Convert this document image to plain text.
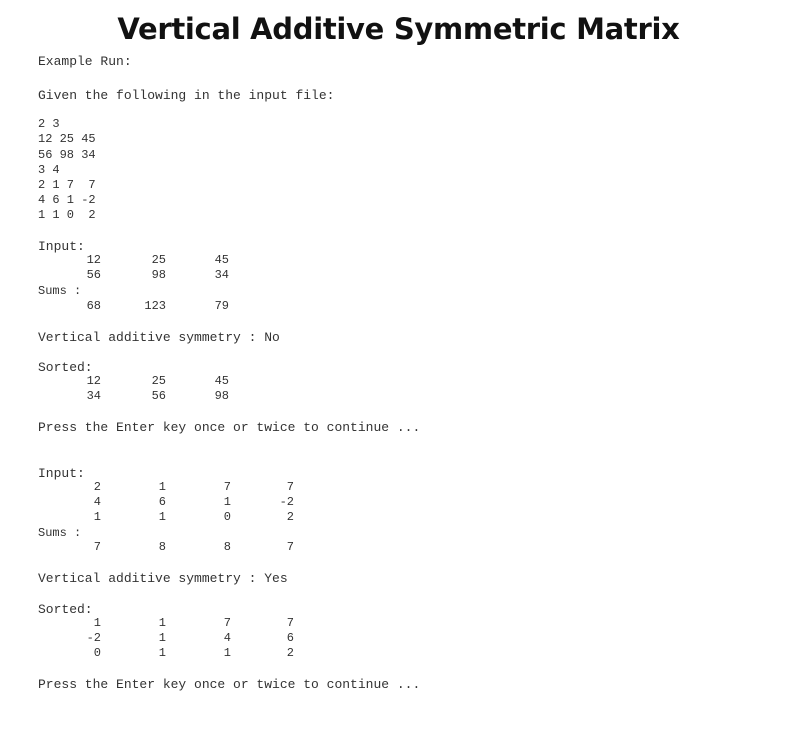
Vertical Additive Symmetric Matrix
Example Run:
Given the following in the input file:
2 3
12 25 45
56 98 34
3 4
2 1 7  7
4 6 1 -2
1 1 0  2
Input:
12	25	45
56	98	34
Sums :
68	123	79
Vertical additive symmetry : No
Sorted:
12	25	45
34	56	98
Press the Enter key once or twice to continue ...
Input:
2	1	7	7
4	6	1	-2
1	1	0	2
Sums :
7	8	8	7
Vertical additive symmetry : Yes
Sorted:
1	1	7	7
-2	1	4	6
0	1	1	2
Press the Enter key once or twice to continue ...
